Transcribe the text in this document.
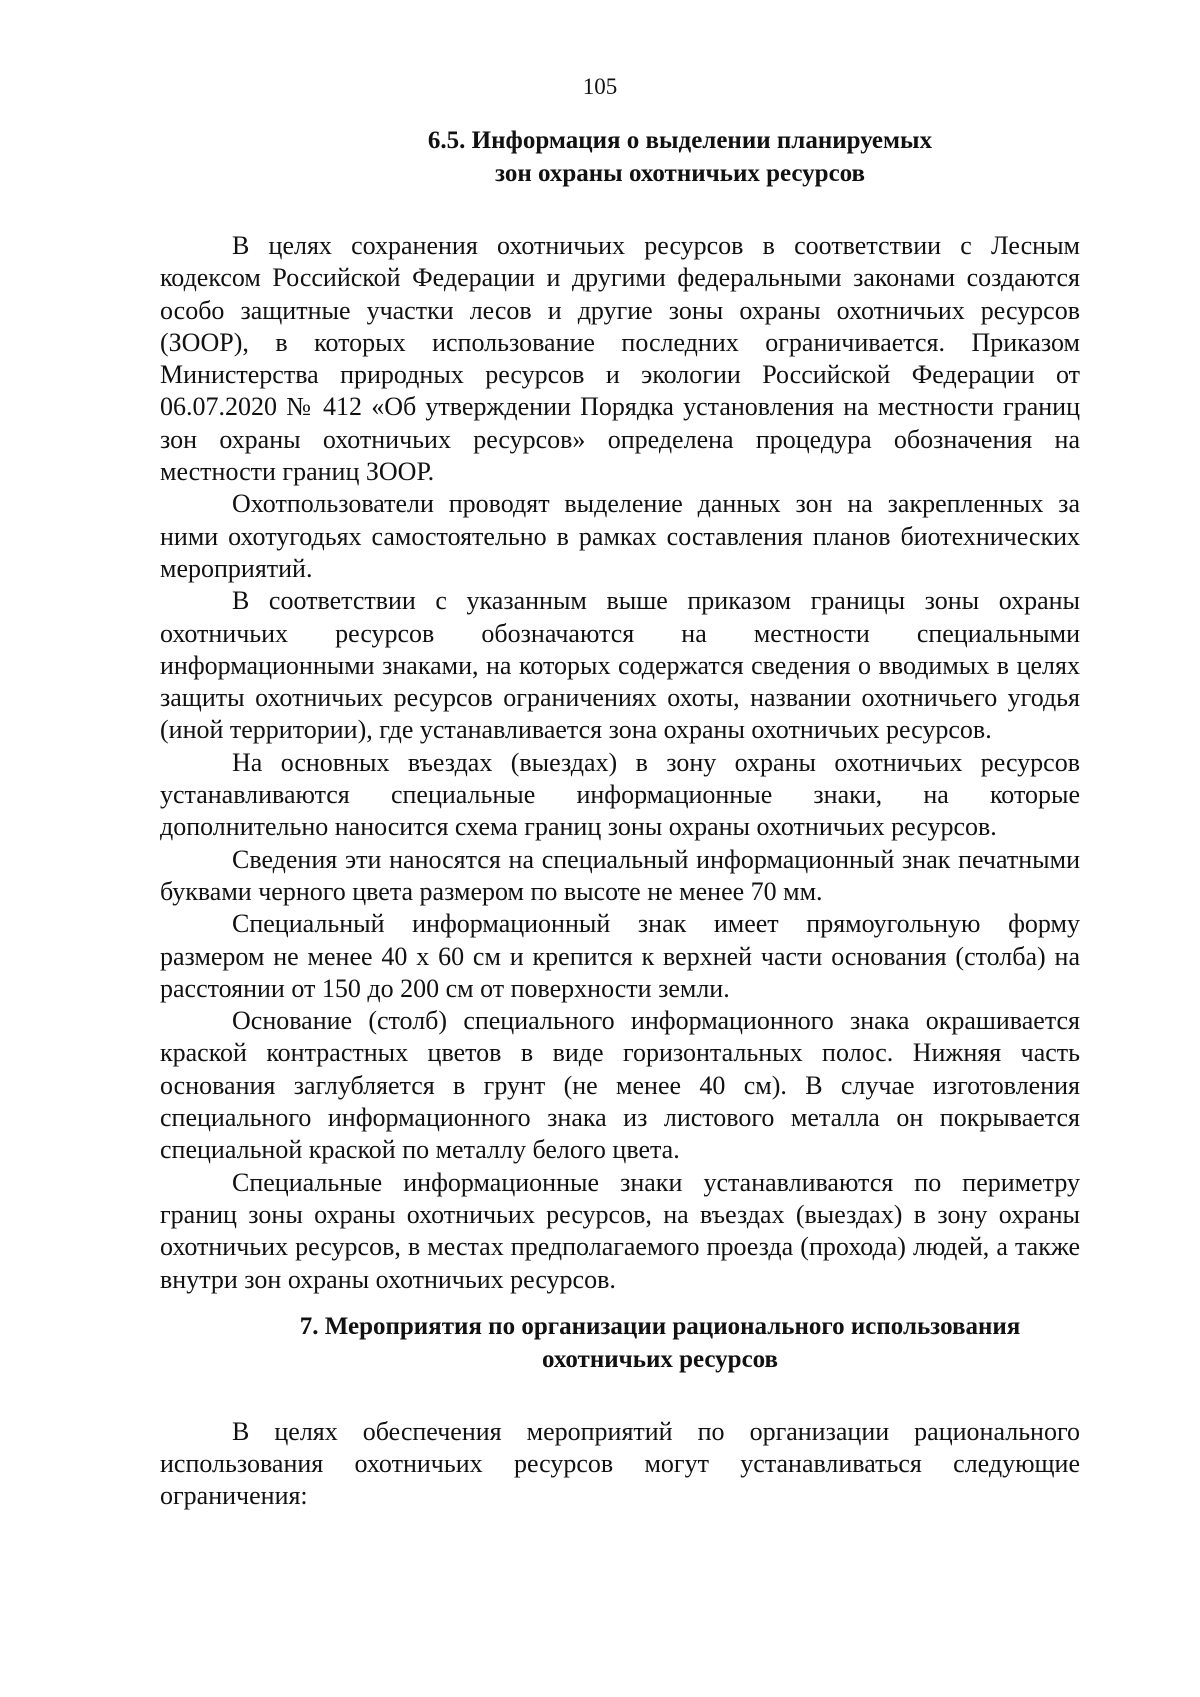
105

6.5. Информация о выделении планируемых
зон охраны охотничьих ресурсов

В целях сохранения охотничьих ресурсов в соответствии с Лесным кодексом Российской Федерации и другими федеральными законами создаются особо защитные участки лесов и другие зоны охраны охотничьих ресурсов (ЗООР), в которых использование последних ограничивается. Приказом Министерства природных ресурсов и экологии Российской Федерации от 06.07.2020 № 412 «Об утверждении Порядка установления на местности границ зон охраны охотничьих ресурсов» определена процедура обозначения на местности границ ЗООР.

Охотпользователи проводят выделение данных зон на закрепленных за ними охотугодьях самостоятельно в рамках составления планов биотехнических мероприятий.

В соответствии с указанным выше приказом границы зоны охраны охотничьих ресурсов обозначаются на местности специальными информационными знаками, на которых содержатся сведения о вводимых в целях защиты охотничьих ресурсов ограничениях охоты, названии охотничьего угодья (иной территории), где устанавливается зона охраны охотничьих ресурсов.

На основных въездах (выездах) в зону охраны охотничьих ресурсов устанавливаются специальные информационные знаки, на которые дополнительно наносится схема границ зоны охраны охотничьих ресурсов.

Сведения эти наносятся на специальный информационный знак печатными буквами черного цвета размером по высоте не менее 70 мм.

Специальный информационный знак имеет прямоугольную форму размером не менее 40 x 60 см и крепится к верхней части основания (столба) на расстоянии от 150 до 200 см от поверхности земли.

Основание (столб) специального информационного знака окрашивается краской контрастных цветов в виде горизонтальных полос. Нижняя часть основания заглубляется в грунт (не менее 40 см). В случае изготовления специального информационного знака из листового металла он покрывается специальной краской по металлу белого цвета.

Специальные информационные знаки устанавливаются по периметру границ зоны охраны охотничьих ресурсов, на въездах (выездах) в зону охраны охотничьих ресурсов, в местах предполагаемого проезда (прохода) людей, а также внутри зон охраны охотничьих ресурсов.

7. Мероприятия по организации рационального использования
охотничьих ресурсов

В целях обеспечения мероприятий по организации рационального использования охотничьих ресурсов могут устанавливаться следующие ограничения:
